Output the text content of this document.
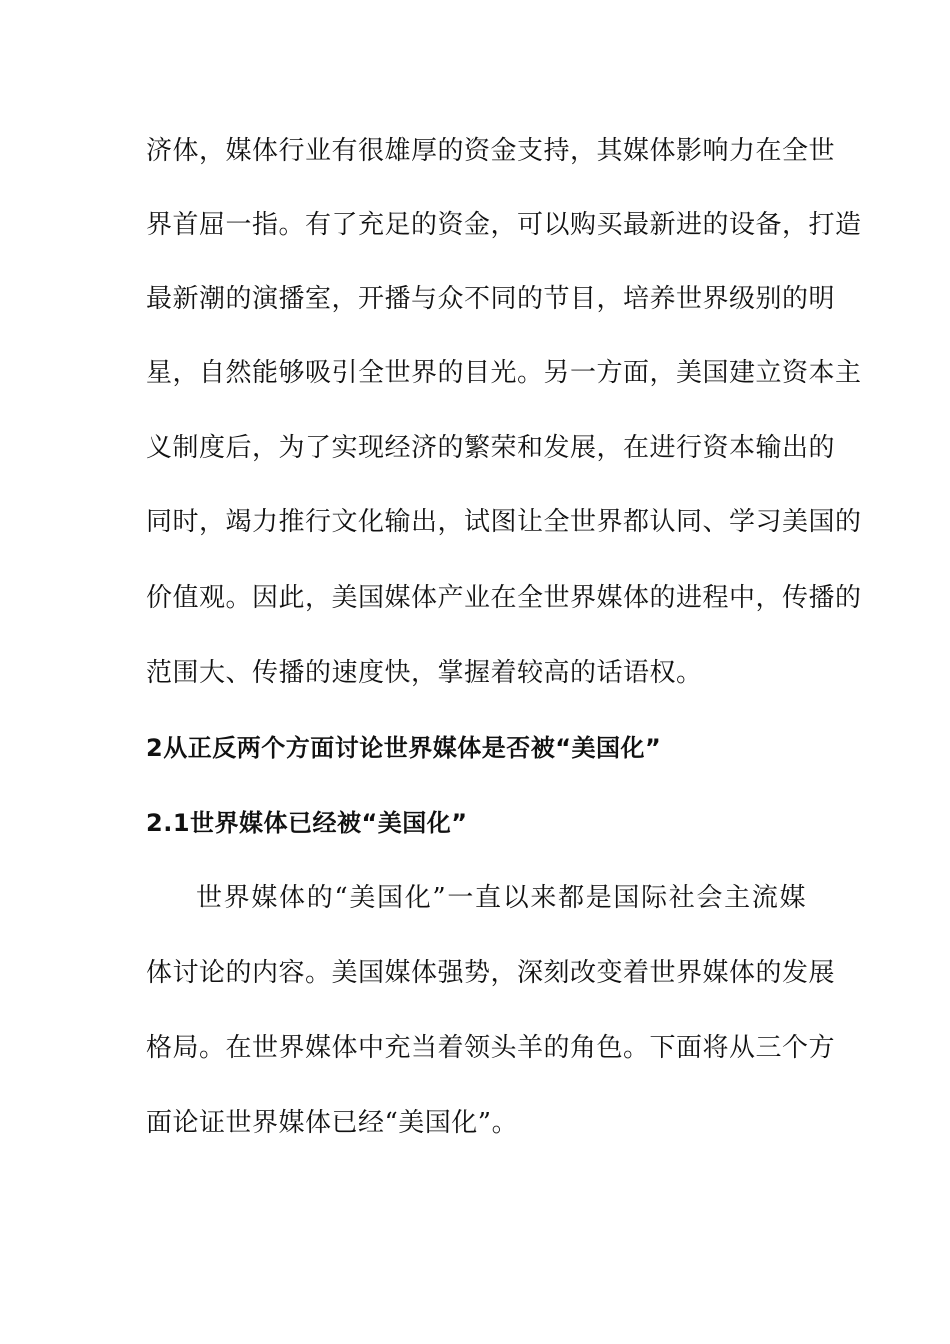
济体，媒体行业有很雄厚的资金支持，其媒体影响力在全世
界首屈一指。有了充足的资金，可以购买最新进的设备，打造
最新潮的演播室，开播与众不同的节目，培养世界级别的明
星，自然能够吸引全世界的目光。另一方面，美国建立资本主
义制度后，为了实现经济的繁荣和发展，在进行资本输出的
同时，竭力推行文化输出，试图让全世界都认同、学习美国的
价值观。因此，美国媒体产业在全世界媒体的进程中，传播的
范围大、传播的速度快，掌握着较高的话语权。
2从正反两个方面讨论世界媒体是否被“美国化”
2.1世界媒体已经被“美国化”
世界媒体的“美国化”一直以来都是国际社会主流媒
体讨论的内容。美国媒体强势，深刻改变着世界媒体的发展
格局。在世界媒体中充当着领头羊的角色。下面将从三个方
面论证世界媒体已经“美国化”。
